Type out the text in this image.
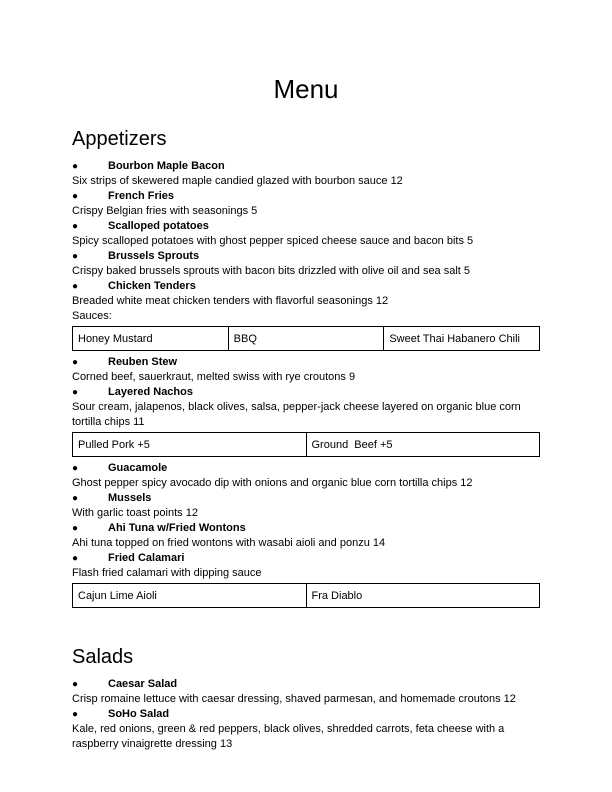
Menu
Appetizers
●	Bourbon Maple Bacon
Six strips of skewered maple candied glazed with bourbon sauce 12
●	French Fries
Crispy Belgian fries with seasonings 5
●	Scalloped potatoes
Spicy scalloped potatoes with ghost pepper spiced cheese sauce and bacon bits 5
●	Brussels Sprouts
Crispy baked brussels sprouts with bacon bits drizzled with olive oil and sea salt 5
●	Chicken Tenders
Breaded white meat chicken tenders with flavorful seasonings 12
Sauces:
Honey Mustard	BBQ	Sweet Thai Habanero Chili
●	Reuben Stew
Corned beef, sauerkraut, melted swiss with rye croutons 9
●	Layered Nachos
Sour cream, jalapenos, black olives, salsa, pepper-jack cheese layered on organic blue corn tortilla chips 11
Pulled Pork +5	Ground  Beef +5
●	Guacamole
Ghost pepper spicy avocado dip with onions and organic blue corn tortilla chips 12
●	Mussels
With garlic toast points 12
●	Ahi Tuna w/Fried Wontons
Ahi tuna topped on fried wontons with wasabi aioli and ponzu 14
●	Fried Calamari
Flash fried calamari with dipping sauce
Cajun Lime Aioli	Fra Diablo
Salads
●	Caesar Salad
Crisp romaine lettuce with caesar dressing, shaved parmesan, and homemade croutons 12
●	SoHo Salad
Kale, red onions, green & red peppers, black olives, shredded carrots, feta cheese with a raspberry vinaigrette dressing 13
